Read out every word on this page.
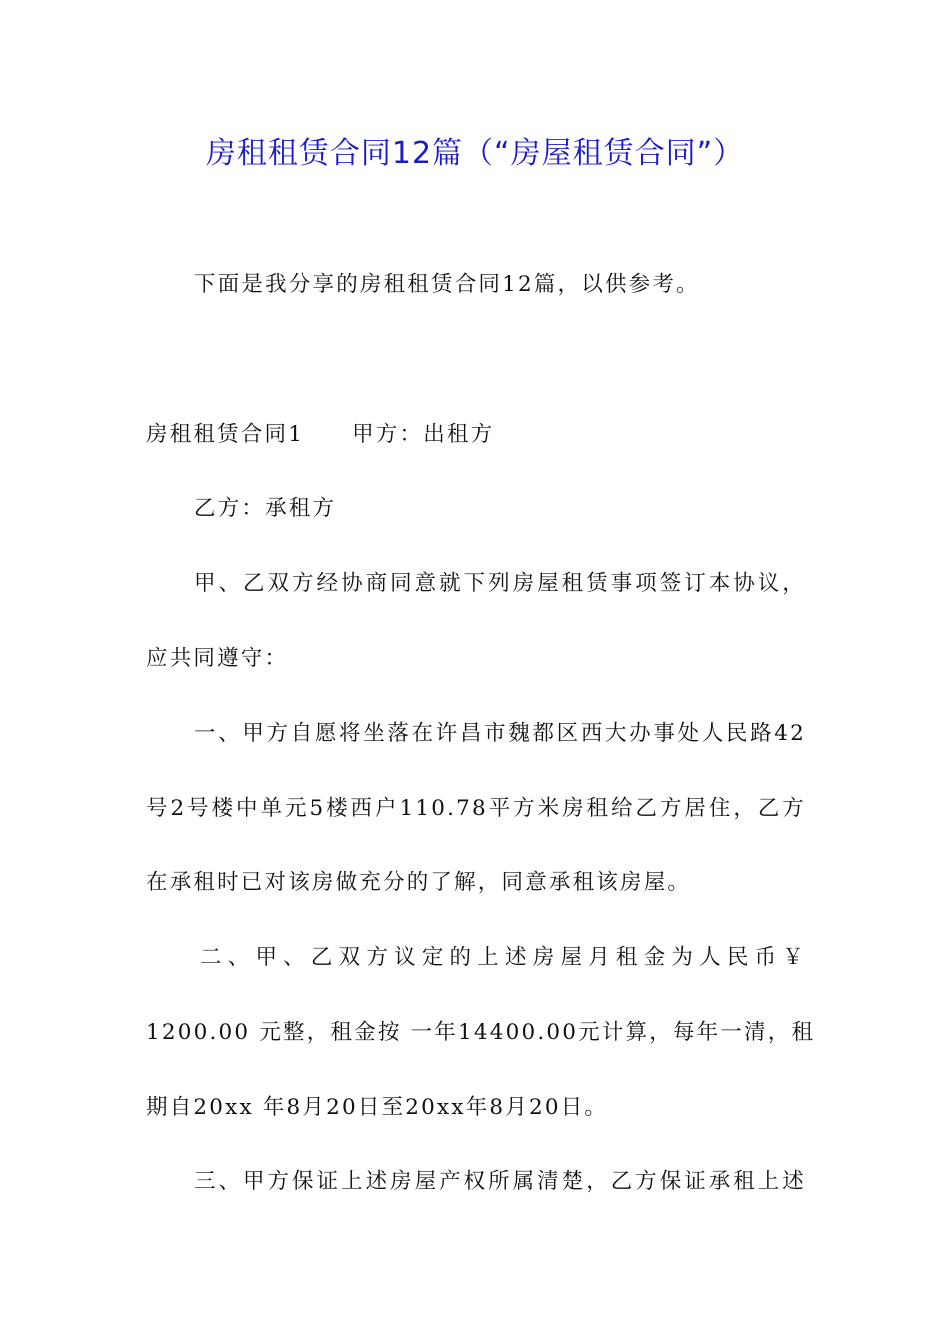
房租租赁合同12篇（“房屋租赁合同”）
下面是我分享的房租租赁合同12篇，以供参考。
房租租赁合同1 甲方：出租方
乙方：承租方
甲、乙双方经协商同意就下列房屋租赁事项签订本协议，
应共同遵守：
一、甲方自愿将坐落在许昌市魏都区西大办事处人民路42
号2号楼中单元5楼西户110.78平方米房租给乙方居住，乙方
在承租时已对该房做充分的了解，同意承租该房屋。
二、甲、乙双方议定的上述房屋月租金为人民币￥
1200.00 元整，租金按 一年14400.00元计算，每年一清，租
期自20xx 年8月20日至20xx年8月20日。
三、甲方保证上述房屋产权所属清楚，乙方保证承租上述
